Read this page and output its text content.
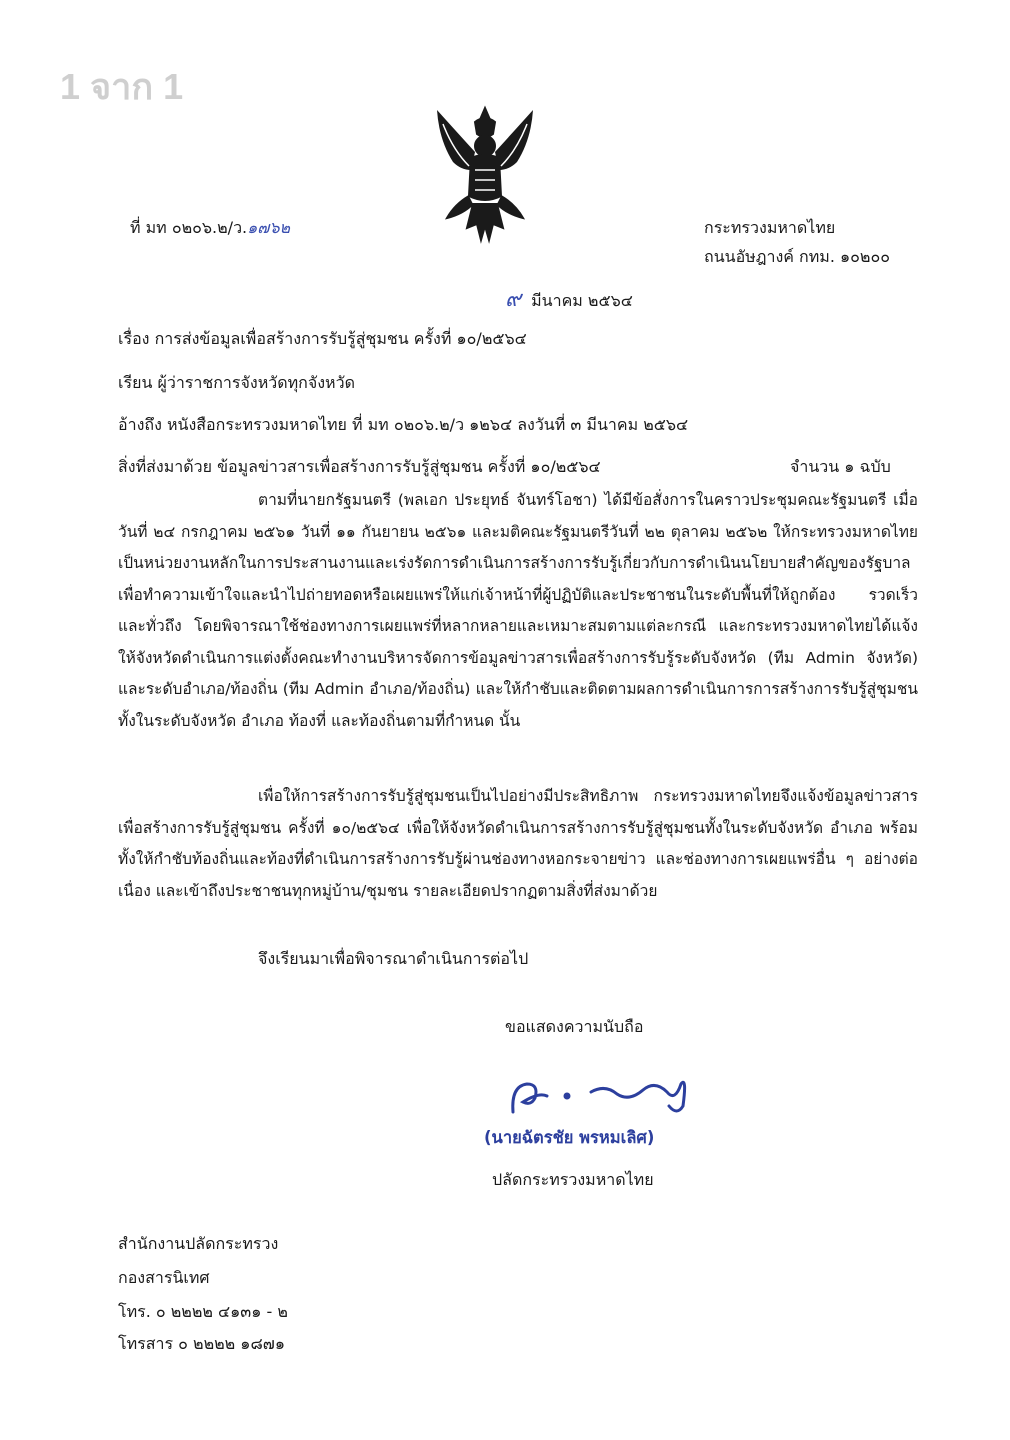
1 จาก 1
ที่ มท ๐๒๐๖.๒/ว.๑๗๖๒	กระทรวงมหาดไทย
ถนนอัษฎางค์ กทม. ๑๐๒๐๐
๙ มีนาคม ๒๕๖๔
เรื่อง การส่งข้อมูลเพื่อสร้างการรับรู้สู่ชุมชน ครั้งที่ ๑๐/๒๕๖๔
เรียน ผู้ว่าราชการจังหวัดทุกจังหวัด
อ้างถึง หนังสือกระทรวงมหาดไทย ที่ มท ๐๒๐๖.๒/ว ๑๒๖๔ ลงวันที่ ๓ มีนาคม ๒๕๖๔
สิ่งที่ส่งมาด้วย ข้อมูลข่าวสารเพื่อสร้างการรับรู้สู่ชุมชน ครั้งที่ ๑๐/๒๕๖๔	จำนวน ๑ ฉบับ
ตามที่นายกรัฐมนตรี (พลเอก ประยุทธ์ จันทร์โอชา) ได้มีข้อสั่งการในคราวประชุมคณะรัฐมนตรี เมื่อวันที่ ๒๔ กรกฎาคม ๒๕๖๑ วันที่ ๑๑ กันยายน ๒๕๖๑ และมติคณะรัฐมนตรีวันที่ ๒๒ ตุลาคม ๒๕๖๒ ให้กระทรวงมหาดไทยเป็นหน่วยงานหลักในการประสานงานและเร่งรัดการดำเนินการสร้างการรับรู้เกี่ยวกับการดำเนินนโยบายสำคัญของรัฐบาล เพื่อทำความเข้าใจและนำไปถ่ายทอดหรือเผยแพร่ให้แก่เจ้าหน้าที่ผู้ปฏิบัติและประชาชนในระดับพื้นที่ให้ถูกต้อง รวดเร็ว และทั่วถึง โดยพิจารณาใช้ช่องทางการเผยแพร่ที่หลากหลายและเหมาะสมตามแต่ละกรณี และกระทรวงมหาดไทยได้แจ้งให้จังหวัดดำเนินการแต่งตั้งคณะทำงานบริหารจัดการข้อมูลข่าวสารเพื่อสร้างการรับรู้ระดับจังหวัด (ทีม Admin จังหวัด) และระดับอำเภอ/ท้องถิ่น (ทีม Admin อำเภอ/ท้องถิ่น) และให้กำชับและติดตามผลการดำเนินการการสร้างการรับรู้สู่ชุมชนทั้งในระดับจังหวัด อำเภอ ท้องที่ และท้องถิ่นตามที่กำหนด นั้น
เพื่อให้การสร้างการรับรู้สู่ชุมชนเป็นไปอย่างมีประสิทธิภาพ กระทรวงมหาดไทยจึงแจ้งข้อมูลข่าวสารเพื่อสร้างการรับรู้สู่ชุมชน ครั้งที่ ๑๐/๒๕๖๔ เพื่อให้จังหวัดดำเนินการสร้างการรับรู้สู่ชุมชนทั้งในระดับจังหวัด อำเภอ พร้อมทั้งให้กำชับท้องถิ่นและท้องที่ดำเนินการสร้างการรับรู้ผ่านช่องทางหอกระจายข่าว และช่องทางการเผยแพร่อื่น ๆ อย่างต่อเนื่อง และเข้าถึงประชาชนทุกหมู่บ้าน/ชุมชน รายละเอียดปรากฏตามสิ่งที่ส่งมาด้วย
จึงเรียนมาเพื่อพิจารณาดำเนินการต่อไป
ขอแสดงความนับถือ
(นายฉัตรชัย พรหมเลิศ)
ปลัดกระทรวงมหาดไทย
สำนักงานปลัดกระทรวง
กองสารนิเทศ
โทร. ๐ ๒๒๒๒ ๔๑๓๑ - ๒
โทรสาร ๐ ๒๒๒๒ ๑๘๗๑
